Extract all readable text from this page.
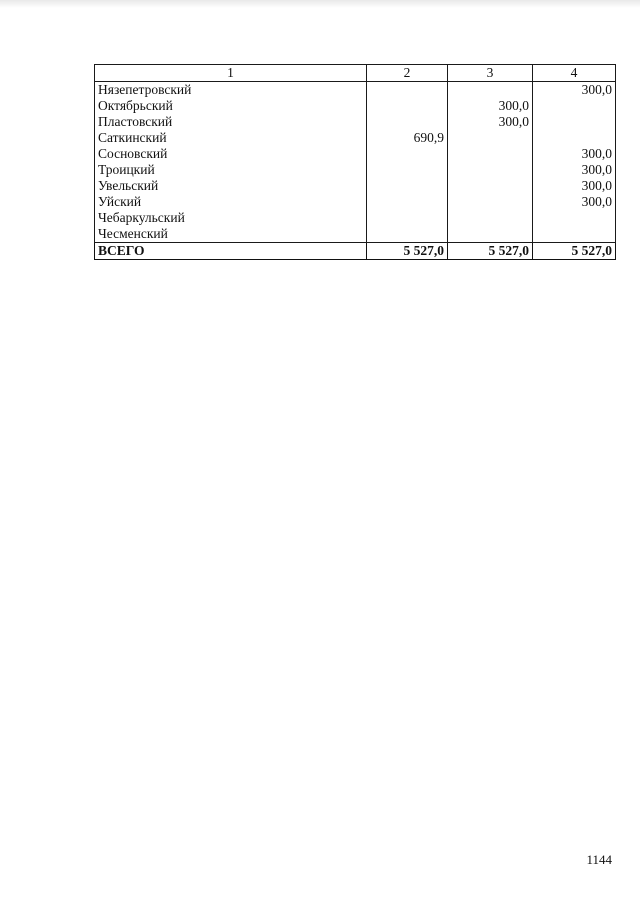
1	2	3	4
Нязепетровский			300,0
Октябрьский		300,0	
Пластовский		300,0	
Саткинский	690,9		
Сосновский			300,0
Троицкий			300,0
Увельский			300,0
Уйский			300,0
Чебаркульский			
Чесменский			
ВСЕГО	5 527,0	5 527,0	5 527,0
1144
